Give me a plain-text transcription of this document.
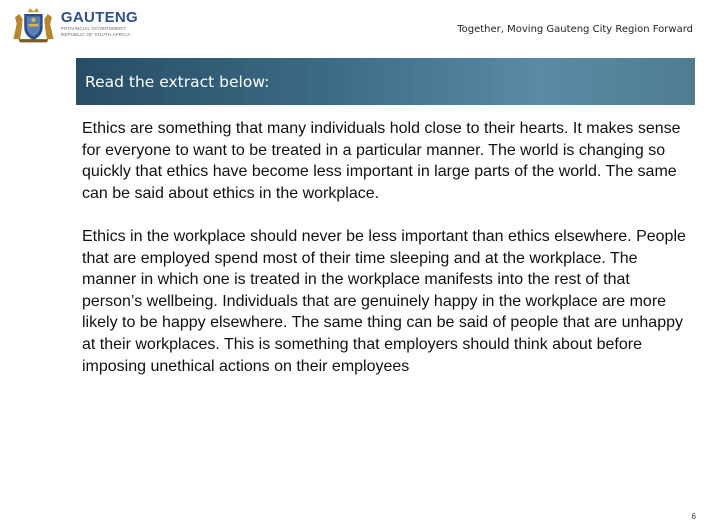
GAUTENG
PROVINCIAL GOVERNMENT
REPUBLIC OF SOUTH AFRICA	Together, Moving Gauteng City Region Forward
Read the extract below:

Ethics are something that many individuals hold close to their hearts. It makes sense for everyone to want to be treated in a particular manner. The world is changing so quickly that ethics have become less important in large parts of the world. The same can be said about ethics in the workplace.

Ethics in the workplace should never be less important than ethics elsewhere. People that are employed spend most of their time sleeping and at the workplace. The manner in which one is treated in the workplace manifests into the rest of that person’s wellbeing. Individuals that are genuinely happy in the workplace are more likely to be happy elsewhere. The same thing can be said of people that are unhappy at their workplaces. This is something that employers should think about before imposing unethical actions on their employees

6
